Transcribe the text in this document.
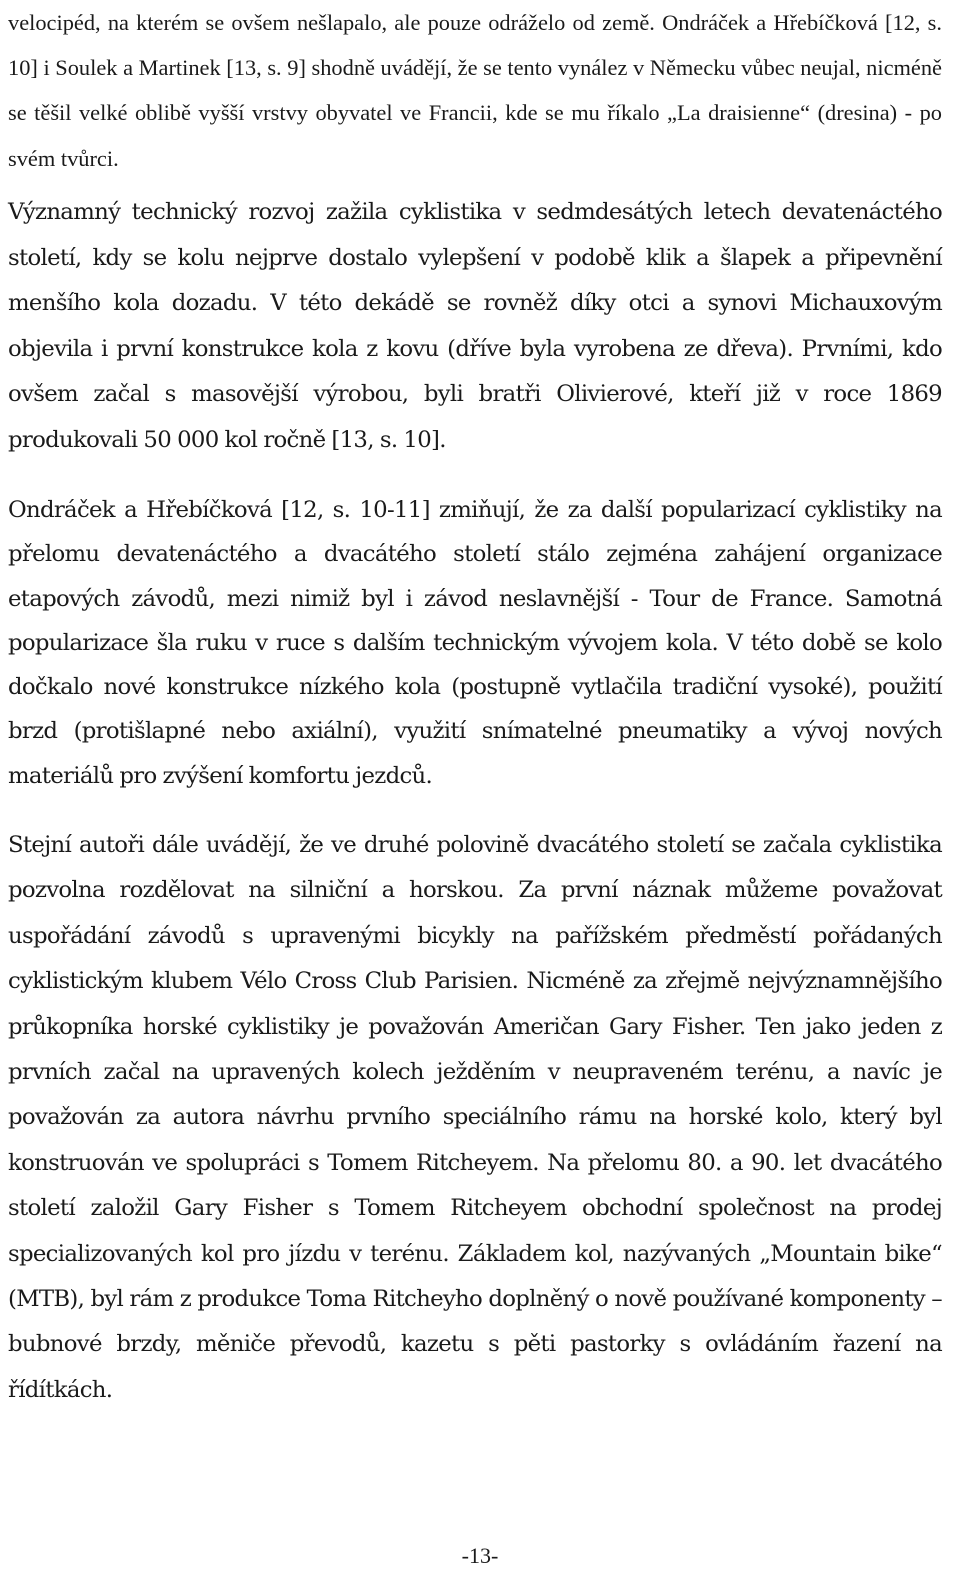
velocipéd, na kterém se ovšem nešlapalo, ale pouze odráželo od země. Ondráček a Hřebíčková [12, s. 10] i Soulek a Martinek [13, s. 9] shodně uvádějí, že se tento vynález v Německu vůbec neujal, nicméně se těšil velké oblibě vyšší vrstvy obyvatel ve Francii, kde se mu říkalo „La draisienne“ (dresina) - po svém tvůrci.

Významný technický rozvoj zažila cyklistika v sedmdesátých letech devatenáctého století, kdy se kolu nejprve dostalo vylepšení v podobě klik a šlapek a připevnění menšího kola dozadu. V této dekádě se rovněž díky otci a synovi Michauxovým objevila i první konstrukce kola z kovu (dříve byla vyrobena ze dřeva). Prvními, kdo ovšem začal s masovější výrobou, byli bratři Olivierové, kteří již v roce 1869 produkovali 50 000 kol ročně [13, s. 10].

Ondráček a Hřebíčková [12, s. 10-11] zmiňují, že za další popularizací cyklistiky na přelomu devatenáctého a dvacátého století stálo zejména zahájení organizace etapových závodů, mezi nimiž byl i závod neslavnější - Tour de France. Samotná popularizace šla ruku v ruce s dalším technickým vývojem kola. V této době se kolo dočkalo nové konstrukce nízkého kola (postupně vytlačila tradiční vysoké), použití brzd (protišlapné nebo axiální), využití snímatelné pneumatiky a vývoj nových materiálů pro zvýšení komfortu jezdců.

Stejní autoři dále uvádějí, že ve druhé polovině dvacátého století se začala cyklistika pozvolna rozdělovat na silniční a horskou. Za první náznak můžeme považovat uspořádání závodů s upravenými bicykly na pařížském předměstí pořádaných cyklistickým klubem Vélo Cross Club Parisien. Nicméně za zřejmě nejvýznamnějšího průkopníka horské cyklistiky je považován Američan Gary Fisher. Ten jako jeden z prvních začal na upravených kolech ježděním v neupraveném terénu, a navíc je považován za autora návrhu prvního speciálního rámu na horské kolo, který byl konstruován ve spolupráci s Tomem Ritcheyem. Na přelomu 80. a 90. let dvacátého století založil Gary Fisher s Tomem Ritcheyem obchodní společnost na prodej specializovaných kol pro jízdu v terénu. Základem kol, nazývaných „Mountain bike“ (MTB), byl rám z produkce Toma Ritcheyho doplněný o nově používané komponenty – bubnové brzdy, měniče převodů, kazetu s pěti pastorky s ovládáním řazení na řídítkách.

-13-
